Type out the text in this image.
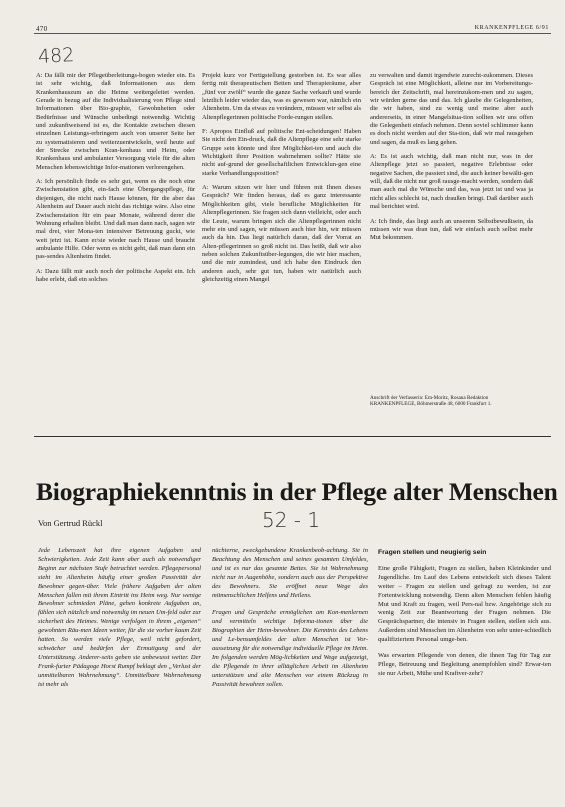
470	KRANKENPFLEGE 6/91
482

A: Da fällt mir der Pflegeüberleitungs-bogen wieder ein. Es ist sehr wichtig, daß Informationen aus dem Krankenhauszum an die Heime weitergeleitet werden. Gerade in bezug auf die Individualisierung von Pflege sind Informationen über Bio-graphie, Gewohnheiten oder Bedürfnisse und Wünsche unbedingt notwendig. Wichtig und zukunftweisend ist es, die Kontakte zwischen diesen einzelnen Leistungs-erbringern auch von unserer Seite her zu systematisieren und weiterzuentwickeln, weil heute auf der Strecke zwischen Kran-kenhaus und Heim, oder Krankenhaus und ambulanter Versorgung viele für die alten Menschen lebenswichtige Infor-mationen verlorengehen.

A: Ich persönlich finde es sehr gut, wenn es die noch eine Zwischenstation gibt, ein-fach eine Übergangspflege, für diejenigen, die nicht nach Hause können, für die aber das Altenheim auf Dauer auch nicht das richtige wäre. Also eine Zwischenstation für ein paar Monate, während derer die Wohnung erhalten bleibt. Und daß man dann nach, sagen wir mal drei, vier Mona-ten intensiver Betreuung guckt, wie weit jetzt ist. Kann er/sie wieder nach Hause und braucht ambulante Hilfe. Oder wenn es nicht geht, daß man dann ein pas-sendes Altenheim findet.

A: Dazu fällt mir auch noch der politische Aspekt ein. Ich habe erlebt, daß ein solches

Projekt kurz vor Fertigstellung gestorben ist. Es war alles fertig mit therapeutischen Betten und Therapieräume, aber „fünf vor zwölf“ wurde die ganze Sache verkauft und wurde letztlich leider wieder das, was es gewesen war, nämlich ein Altenheim. Um da etwas zu verändern, müssen wir selbst als Altenpflegerinnen politische Forde-rungen stellen.

F: Apropos Einfluß auf politische Ent-scheidungen! Haben Sie nicht den Ein-druck, daß die Altenpflege eine sehr starke Gruppe sein könnte und ihre Möglichkei-ten und auch die Wichtigkeit ihrer Position wahrnehmen sollte? Hätte sie nicht auf-grund der gesellschaftlichen Entwicklun-gen eine starke Verhandlungsposition?

A: Warum sitzen wir hier und führen mit Ihnen dieses Gespräch? Wir finden heraus, daß es ganz interessante Möglichkeiten gibt, viele berufliche Möglichkeiten für Altenpflegerinnen. Sie fragen sich dann vielleicht, oder auch die Leute, warum bringen sich die Altenpflegerinnen nicht mehr ein und sagen, wir müssen auch hier hin, wir müssen auch da hin. Das liegt natürlich daran, daß der Vorrat an Alten-pflegerinnen so groß nicht ist. Das heißt, daß wir also neben solchen Zukunftsüber-legungen, die wir hier machen, und die mir zumindest, und ich habe den Eindruck den anderen auch, sehr gut tun, haben wir natürlich auch gleichzeitig einen Mangel

zu verwalten und damit irgendwie zurecht-zukommen. Dieses Gespräch ist eine Möglichkeit, alleine nur im Vorbereitungs-bereich der Zeitschrift, mal hereinzukom-men und zu sagen, wir würden gerne das und das. Ich glaube die Gelegenheiten, die wir haben, sind zu wenig und meine aber auch andererseits, in einer Mangelsitua-tion sollten wir uns offen die Gelegenheit einfach nehmen. Denn soviel schlimmer kann es doch nicht werden auf der Sta-tion, daß wir mal rausgehen und sagen, da muß es lang gehen.

A: Es ist auch wichtig, daß man nicht nur, was in der Altenpflege jetzt so passiert, negative Erlebnisse oder negative Sachen, die passiert sind, die auch keiner bewälti-gen will, daß die nicht nur groß rausge-macht werden, sondern daß man auch mal die Wünsche und das, was jetzt ist und was ja nicht alles schlecht ist, nach draußen bringt. Daß darüber auch mal berichtet wird.

A: Ich finde, das liegt auch an unserem Selbstbewußtsein, da müssen wir was dran tun, daß wir einfach auch selbst mehr Mut bekommen.

Anschrift der Verfasserin: Em-Moritz, Rosana Redaktion KRANKENPFLEGE, Böhmerstraße 48, 6000 Frankfurt 1.
Biographiekenntnis in der Pflege alter Menschen
52 - 1
Von Gertrud Rückl

Jede Lebenszeit hat ihre eigenen Aufgaben und Schwierigkeiten. Jede Zeit kann aber auch als notwendiger Beginn zur nächsten Stufe betrachtet werden. Pflegepersonal sieht im Altenheim häufig einer großen Passivität der Bewohner gegen-über. Viele frühere Aufgaben der alten Menschen fallen mit ihrem Eintritt ins Heim weg. Nur wenige Bewohner schmieden Pläne, gehen konkrete Aufgaben an, fühlen sich nützlich und notwendig im neuen Um-feld oder zur sicherheit des Heimes. Wenige verfolgen in ihrem „eigenen“ gewohnten Räu-men Ideen weiter, für die sie vorher kaum Zeit hatten. So werden viele Pflege, weil nicht gefordert, schwächer und bedürfen der Ermutigung und der Unterstützung. Anderer-seits geben sie unbewusst weiter. Der Frank-furter Pädagoge Horst Rumpf beklagt den „Verlust der unmittelbaren Wahrnehmung“. Unmittelbare Wahrnehmung ist mehr als

nüchterne, zweckgebundene Krankenbeob-achtung. Sie in Beachtung des Menschen und seines gesamten Umfeldes, und ist es nur das gesamte Bettes. Sie ist Wahrnehmung nicht nur in Augenhöhe, sondern auch aus der Perspektive des Bewohners. Sie eröffnet neue Wege des mitmenschlichen Helfens und Heilens.

Fragen und Gespräche ermöglichen am Kon-menlernen und vermitteln wichtige Informa-tionen über die Biographien der Heim-bewohner. Die Kenntnis des Lebens und Le-bensumfeldes der alten Menschen ist Vor-aussetzung für die notwendige individuelle Pflege im Heim. Im folgenden werden Mög-lichkeiten und Wege aufgezeigt, die Pflegende in ihrer alltäglichen Arbeit im Altenheim unterstützen und alte Menschen vor einem Rückzug in Passivität bewahren sollen.

Fragen stellen und neugierig sein

Eine große Fähigkeit, Fragen zu stellen, haben Kleinkinder und Jugendliche. Im Lauf des Lebens entwickelt sich dieses Talent weiter – Fragen zu stellen und gefragt zu werden, ist zur Fortentwicklung notwendig. Denn alten Menschen fehlen häufig Mut und Kraft zu fragen, weil Pers-nal bzw. Angehörige sich zu wenig Zeit zur Beantwortung der Fragen nehmen. Die Gesprächspartner, die intensiv in Fragen stellen, stellen sich aus. Außerdem sind Menschen im Altenheim von sehr unter-schiedlich qualifiziertem Personal umge-ben.

Was erwarten Pflegende von denen, die ihnen Tag für Tag zur Pflege, Betreuung und Begleitung anempfohlen sind? Erwar-ten sie nur Arbeit, Mühe und Kraftver-zehr?
